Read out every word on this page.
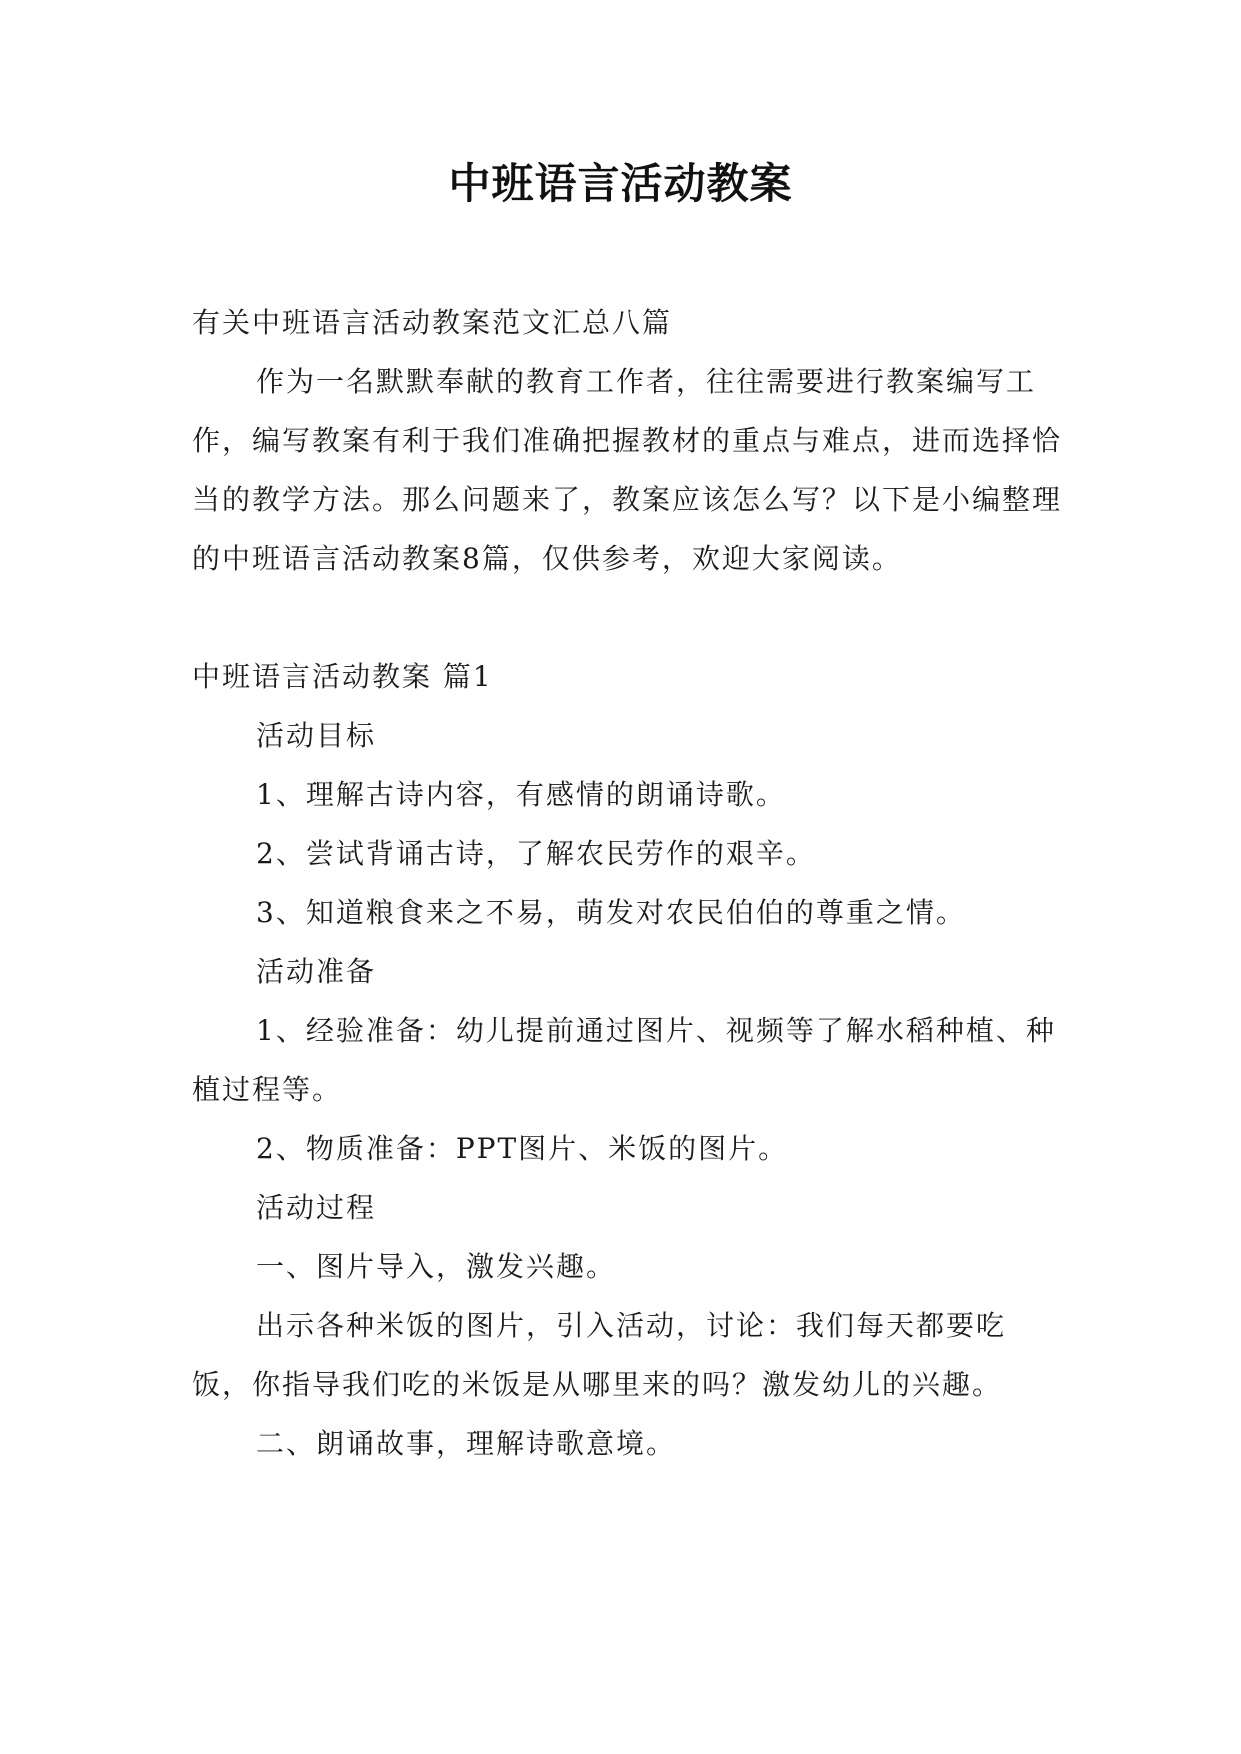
中班语言活动教案

有关中班语言活动教案范文汇总八篇

作为一名默默奉献的教育工作者，往往需要进行教案编写工作，编写教案有利于我们准确把握教材的重点与难点，进而选择恰当的教学方法。那么问题来了，教案应该怎么写？以下是小编整理的中班语言活动教案8篇，仅供参考，欢迎大家阅读。

中班语言活动教案 篇1

活动目标

1、理解古诗内容，有感情的朗诵诗歌。

2、尝试背诵古诗，了解农民劳作的艰辛。

3、知道粮食来之不易，萌发对农民伯伯的尊重之情。

活动准备

1、经验准备：幼儿提前通过图片、视频等了解水稻种植、种植过程等。

2、物质准备：PPT图片、米饭的图片。

活动过程

一、图片导入，激发兴趣。

出示各种米饭的图片，引入活动，讨论：我们每天都要吃饭，你指导我们吃的米饭是从哪里来的吗？激发幼儿的兴趣。

二、朗诵故事，理解诗歌意境。
